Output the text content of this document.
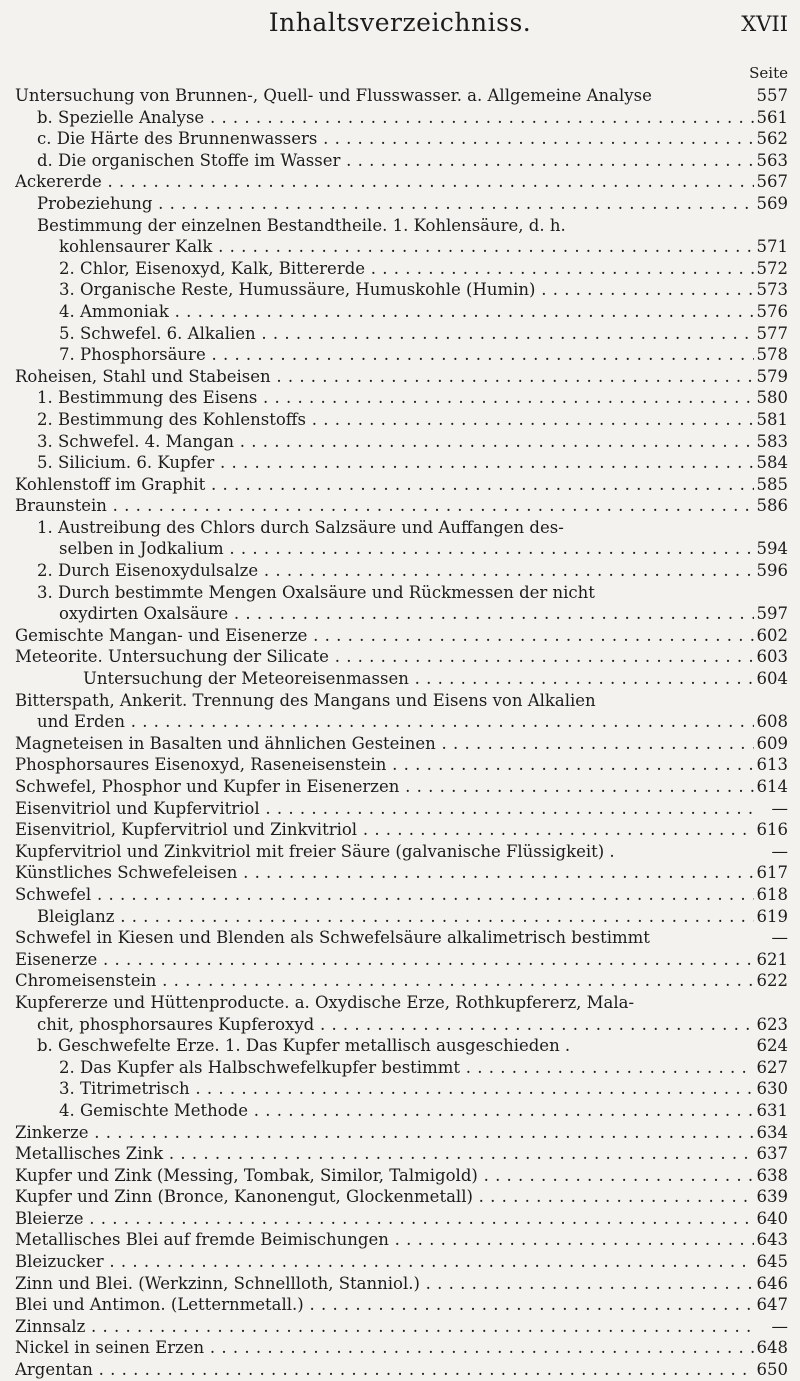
Inhaltsverzeichniss.	XVII
Seite
Untersuchung von Brunnen-, Quell- und Flusswasser. a. Allgemeine Analyse	557
b. Spezielle Analyse . . .	561
c. Die Härte des Brunnenwassers . . .	562
d. Die organischen Stoffe im Wasser . . .	563
Ackererde . . .	567
Probeziehung . . .	569
Bestimmung der einzelnen Bestandtheile. 1. Kohlensäure, d. h.
kohlensaurer Kalk . . .	571
2. Chlor, Eisenoxyd, Kalk, Bittererde . . .	572
3. Organische Reste, Humussäure, Humuskohle (Humin) . . .	573
4. Ammoniak . . .	576
5. Schwefel. 6. Alkalien . . .	577
7. Phosphorsäure . . .	578
Roheisen, Stahl und Stabeisen . . .	579
1. Bestimmung des Eisens . . .	580
2. Bestimmung des Kohlenstoffs . . .	581
3. Schwefel. 4. Mangan . . .	583
5. Silicium. 6. Kupfer . . .	584
Kohlenstoff im Graphit . . .	585
Braunstein . . .	586
1. Austreibung des Chlors durch Salzsäure und Auffangen des-
selben in Jodkalium . . .	594
2. Durch Eisenoxydulsalze . . .	596
3. Durch bestimmte Mengen Oxalsäure und Rückmessen der nicht
oxydirten Oxalsäure . . .	597
Gemischte Mangan- und Eisenerze . . .	602
Meteorite. Untersuchung der Silicate . . .	603
Untersuchung der Meteoreisenmassen . . .	604
Bitterspath, Ankerit. Trennung des Mangans und Eisens von Alkalien
und Erden . . .	608
Magneteisen in Basalten und ähnlichen Gesteinen . . .	609
Phosphorsaures Eisenoxyd, Raseneisenstein . . .	613
Schwefel, Phosphor und Kupfer in Eisenerzen . . .	614
Eisenvitriol und Kupfervitriol . . .	—
Eisenvitriol, Kupfervitriol und Zinkvitriol . . .	616
Kupfervitriol und Zinkvitriol mit freier Säure (galvanische Flüssigkeit) .	—
Künstliches Schwefeleisen . . .	617
Schwefel . . .	618
Bleiglanz . . .	619
Schwefel in Kiesen und Blenden als Schwefelsäure alkalimetrisch bestimmt	—
Eisenerze . . .	621
Chromeisenstein . . .	622
Kupfererze und Hüttenproducte. a. Oxydische Erze, Rothkupfererz, Mala-
chit, phosphorsaures Kupferoxyd . . .	623
b. Geschwefelte Erze. 1. Das Kupfer metallisch ausgeschieden .	624
2. Das Kupfer als Halbschwefelkupfer bestimmt . . .	627
3. Titrimetrisch . . .	630
4. Gemischte Methode . . .	631
Zinkerze . . .	634
Metallisches Zink . . .	637
Kupfer und Zink (Messing, Tombak, Similor, Talmigold) . . .	638
Kupfer und Zinn (Bronce, Kanonengut, Glockenmetall) . . .	639
Bleierze . . .	640
Metallisches Blei auf fremde Beimischungen . . .	643
Bleizucker . . .	645
Zinn und Blei. (Werkzinn, Schnellloth, Stanniol.) . . .	646
Blei und Antimon. (Letternmetall.) . . .	647
Zinnsalz . . .	—
Nickel in seinen Erzen . . .	648
Argentan . . .	650
